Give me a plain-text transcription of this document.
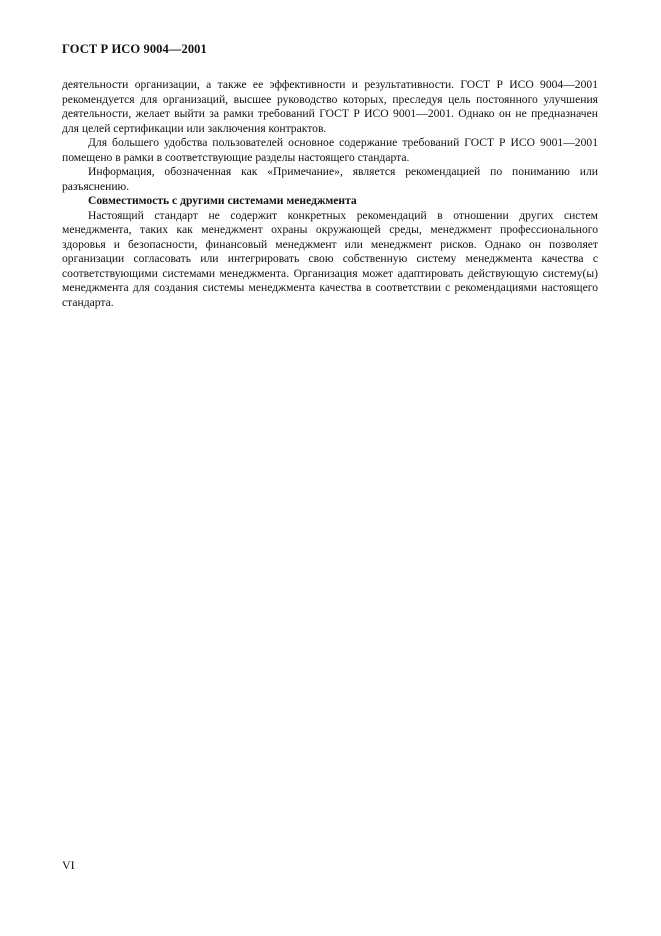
ГОСТ Р ИСО 9004—2001

деятельности организации, а также ее эффективности и результативности. ГОСТ Р ИСО 9004—2001 рекомендуется для организаций, высшее руководство которых, преследуя цель постоянного улучшения деятельности, желает выйти за рамки требований ГОСТ Р ИСО 9001—2001. Однако он не предназначен для целей сертификации или заключения контрактов.

Для большего удобства пользователей основное содержание требований ГОСТ Р ИСО 9001—2001 помещено в рамки в соответствующие разделы настоящего стандарта.

Информация, обозначенная как «Примечание», является рекомендацией по пониманию или разъяснению.

Совместимость с другими системами менеджмента

Настоящий стандарт не содержит конкретных рекомендаций в отношении других систем менеджмента, таких как менеджмент охраны окружающей среды, менеджмент профессионального здоровья и безопасности, финансовый менеджмент или менеджмент рисков. Однако он позволяет организации согласовать или интегрировать свою собственную систему менеджмента качества с соответствующими системами менеджмента. Организация может адаптировать действующую систему(ы) менеджмента для создания системы менеджмента качества в соответствии с рекомендациями настоящего стандарта.

VI
